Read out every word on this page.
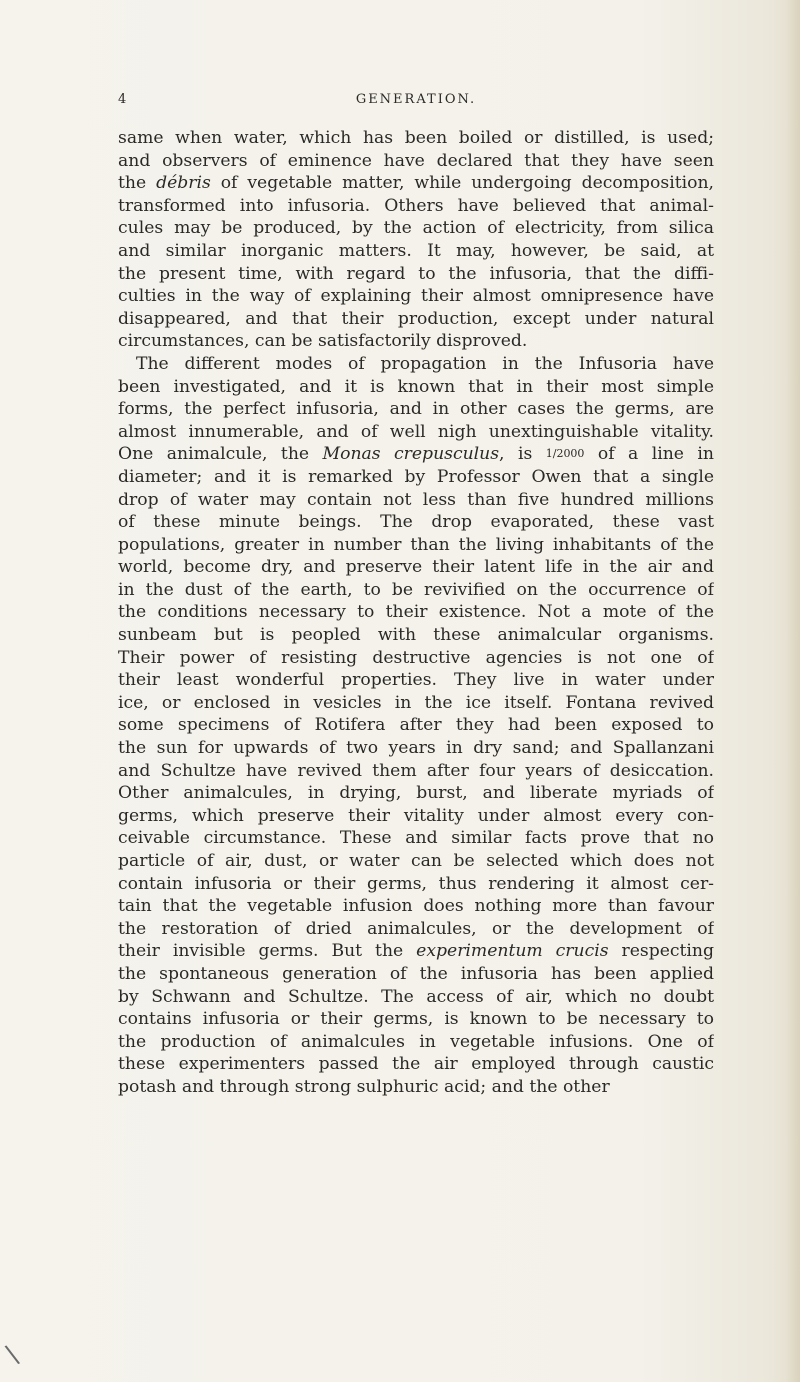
4	GENERATION.
same when water, which has been boiled or distilled, is used;
and observers of eminence have declared that they have seen
the débris of vegetable matter, while undergoing decomposition,
transformed into infusoria. Others have believed that animal-
cules may be produced, by the action of electricity, from silica
and similar inorganic matters. It may, however, be said, at
the present time, with regard to the infusoria, that the diffi-
culties in the way of explaining their almost omnipresence have
disappeared, and that their production, except under natural
circumstances, can be satisfactorily disproved.
The different modes of propagation in the Infusoria have
been investigated, and it is known that in their most simple
forms, the perfect infusoria, and in other cases the germs, are
almost innumerable, and of well nigh unextinguishable vitality.
One animalcule, the Monas crepusculus, is 1/2000 of a line in
diameter; and it is remarked by Professor Owen that a single
drop of water may contain not less than five hundred millions
of these minute beings. The drop evaporated, these vast
populations, greater in number than the living inhabitants of the
world, become dry, and preserve their latent life in the air and
in the dust of the earth, to be revivified on the occurrence of
the conditions necessary to their existence. Not a mote of the
sunbeam but is peopled with these animalcular organisms.
Their power of resisting destructive agencies is not one of
their least wonderful properties. They live in water under
ice, or enclosed in vesicles in the ice itself. Fontana revived
some specimens of Rotifera after they had been exposed to
the sun for upwards of two years in dry sand; and Spallanzani
and Schultze have revived them after four years of desiccation.
Other animalcules, in drying, burst, and liberate myriads of
germs, which preserve their vitality under almost every con-
ceivable circumstance. These and similar facts prove that no
particle of air, dust, or water can be selected which does not
contain infusoria or their germs, thus rendering it almost cer-
tain that the vegetable infusion does nothing more than favour
the restoration of dried animalcules, or the development of
their invisible germs. But the experimentum crucis respecting
the spontaneous generation of the infusoria has been applied
by Schwann and Schultze. The access of air, which no doubt
contains infusoria or their germs, is known to be necessary to
the production of animalcules in vegetable infusions. One of
these experimenters passed the air employed through caustic
potash and through strong sulphuric acid; and the other
\
